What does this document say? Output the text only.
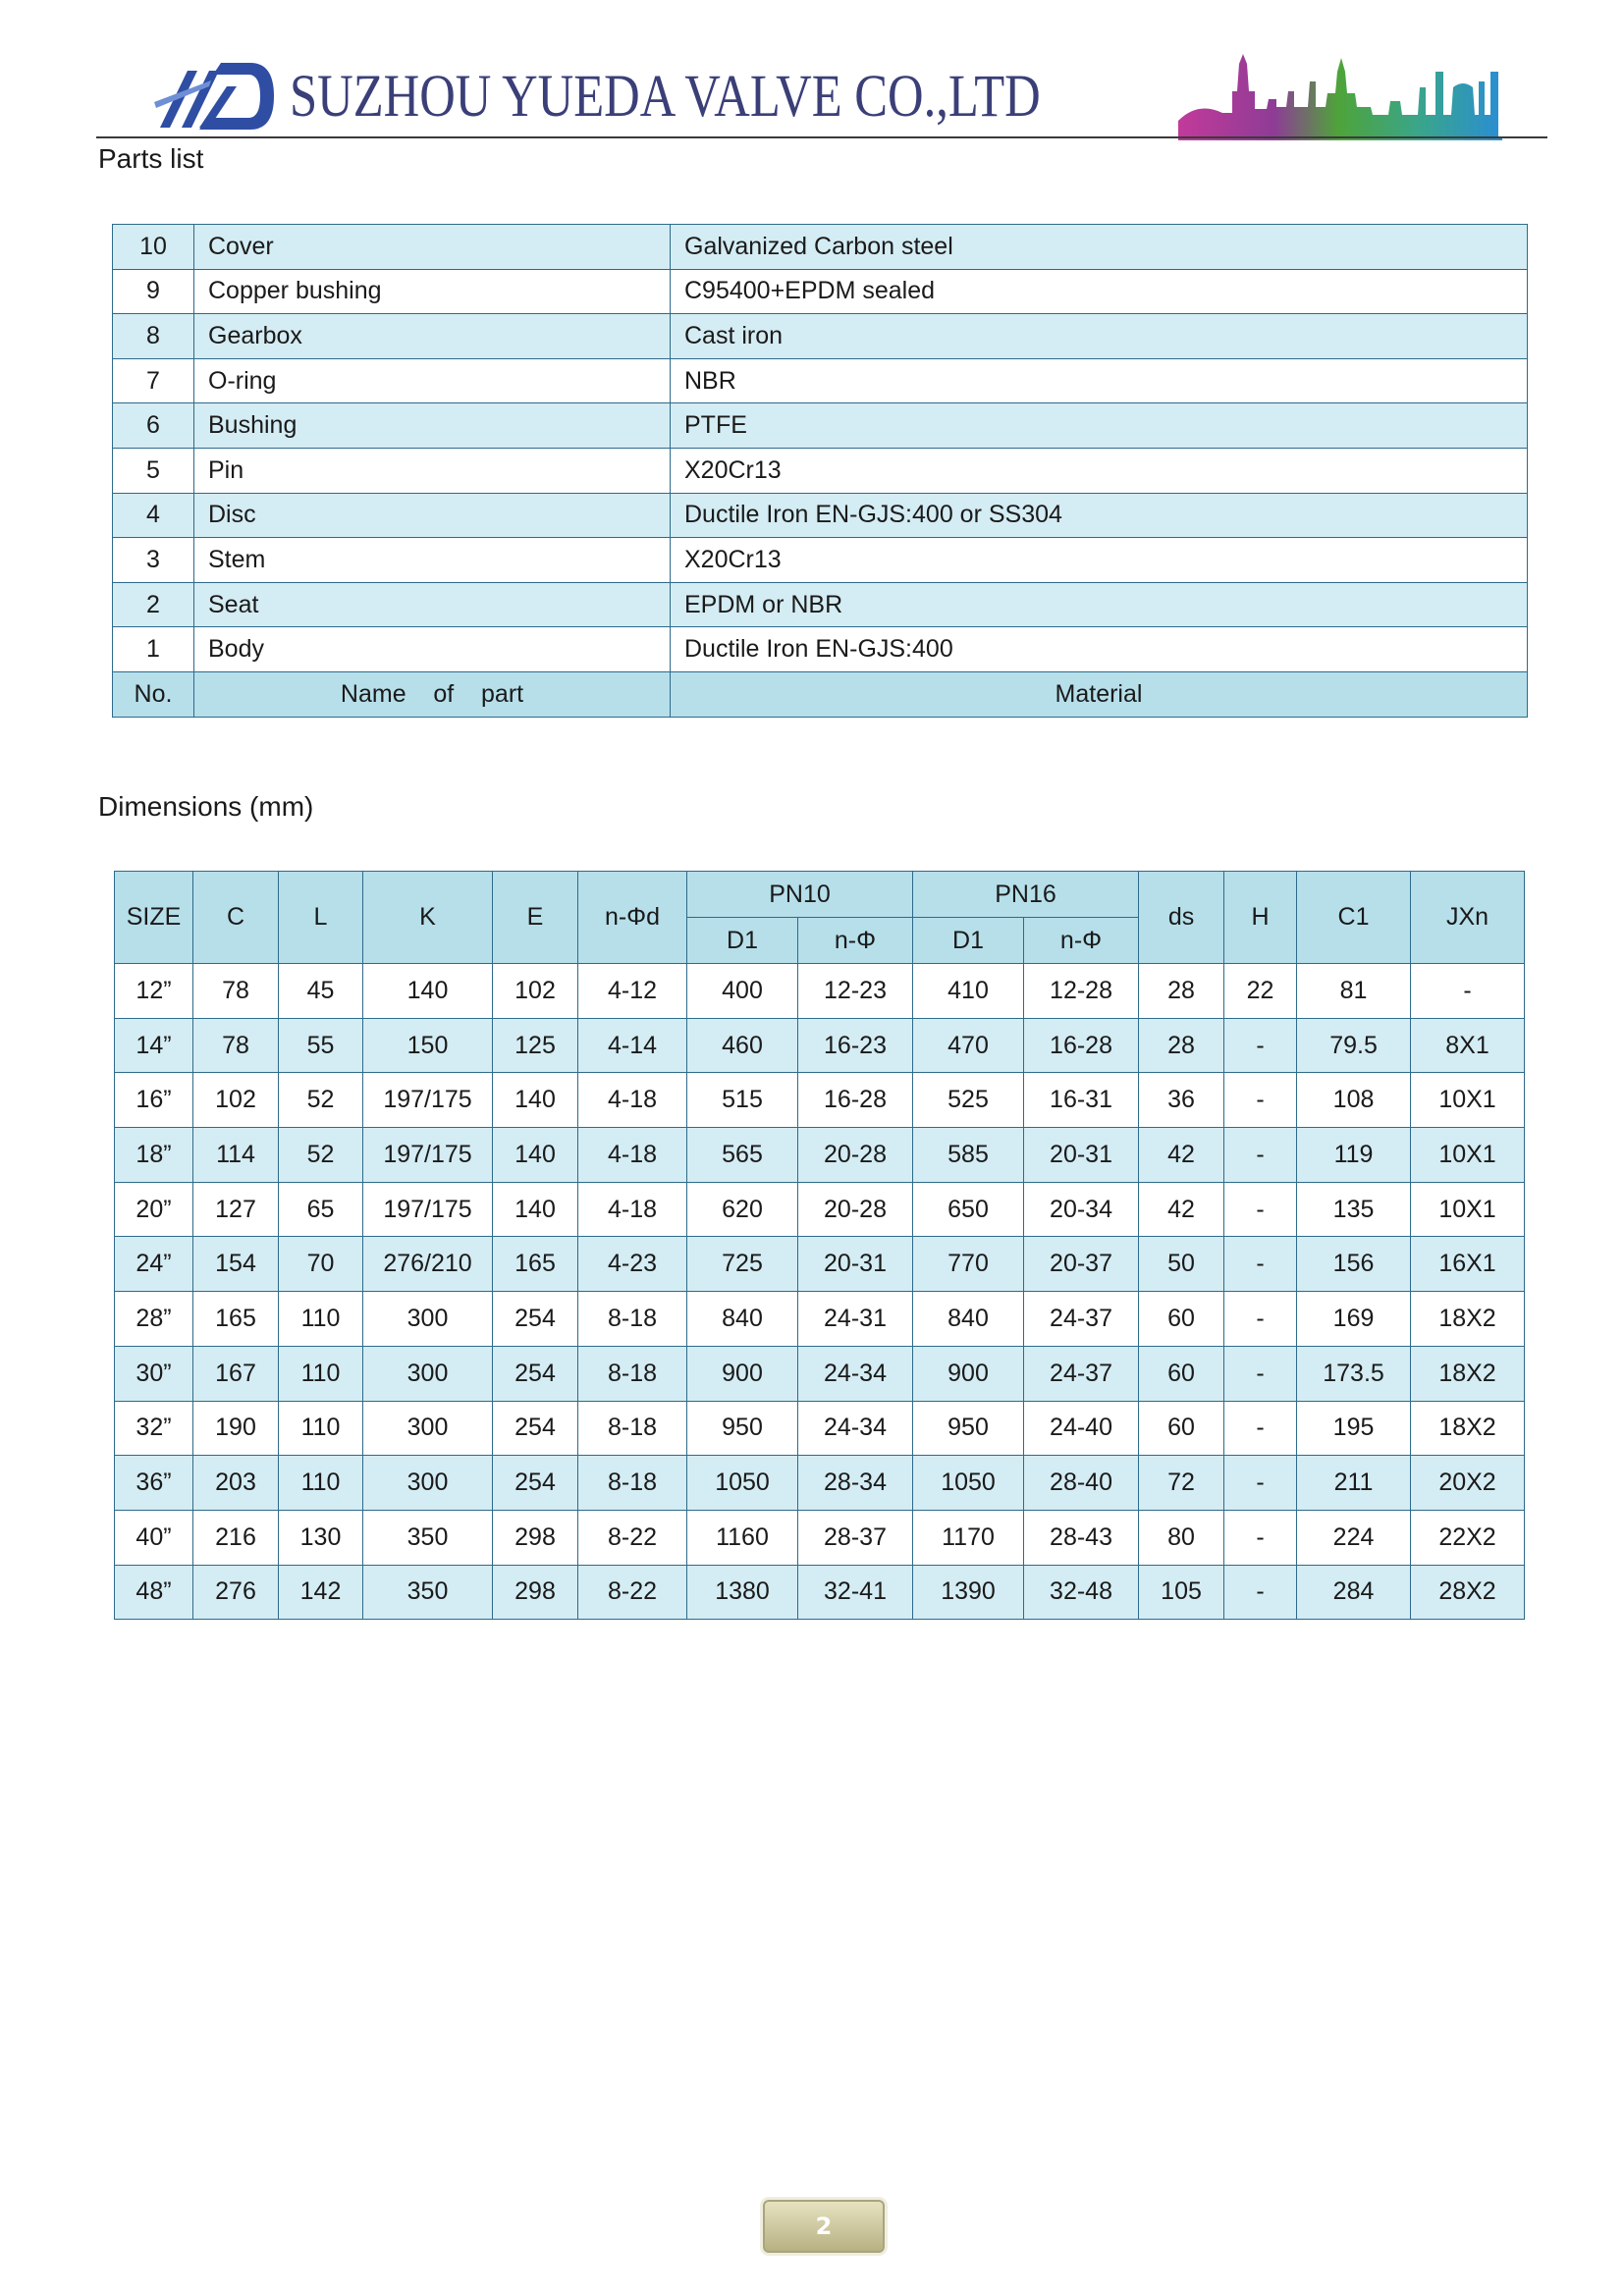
SUZHOU YUEDA VALVE CO.,LTD
Parts list
10	Cover	Galvanized Carbon steel
9	Copper bushing	C95400+EPDM sealed
8	Gearbox	Cast iron
7	O-ring	NBR
6	Bushing	PTFE
5	Pin	X20Cr13
4	Disc	Ductile Iron EN-GJS:400 or SS304
3	Stem	X20Cr13
2	Seat	EPDM or NBR
1	Body	Ductile Iron EN-GJS:400
No.	Name    of    part	Material
Dimensions (mm)
SIZE	C	L	K	E	n-Φd	PN10		PN16		ds	H	C1	JXn
						D1	n-Φ	D1	n-Φ				
12”	78	45	140	102	4-12	400	12-23	410	12-28	28	22	81	-
14”	78	55	150	125	4-14	460	16-23	470	16-28	28	-	79.5	8X1
16”	102	52	197/175	140	4-18	515	16-28	525	16-31	36	-	108	10X1
18”	114	52	197/175	140	4-18	565	20-28	585	20-31	42	-	119	10X1
20”	127	65	197/175	140	4-18	620	20-28	650	20-34	42	-	135	10X1
24”	154	70	276/210	165	4-23	725	20-31	770	20-37	50	-	156	16X1
28”	165	110	300	254	8-18	840	24-31	840	24-37	60	-	169	18X2
30”	167	110	300	254	8-18	900	24-34	900	24-37	60	-	173.5	18X2
32”	190	110	300	254	8-18	950	24-34	950	24-40	60	-	195	18X2
36”	203	110	300	254	8-18	1050	28-34	1050	28-40	72	-	211	20X2
40”	216	130	350	298	8-22	1160	28-37	1170	28-43	80	-	224	22X2
48”	276	142	350	298	8-22	1380	32-41	1390	32-48	105	-	284	28X2
2
